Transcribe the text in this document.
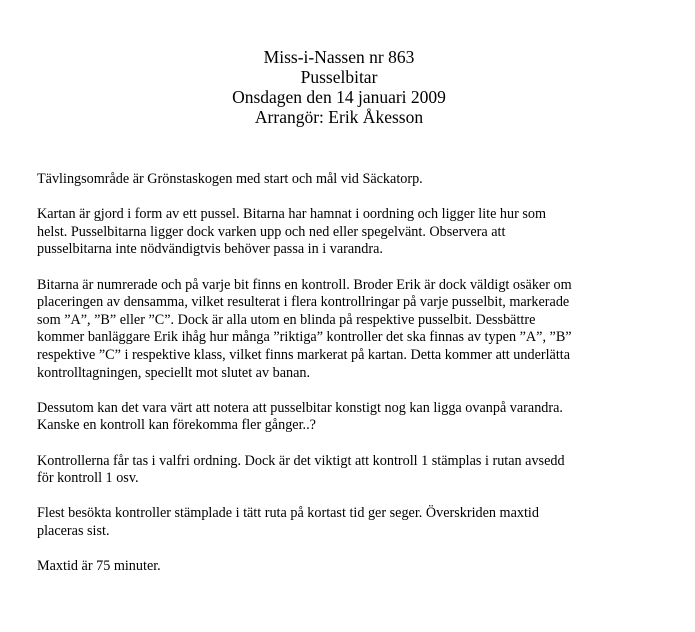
Miss-i-Nassen nr 863
Pusselbitar
Onsdagen den 14 januari 2009
Arrangör: Erik Åkesson

Tävlingsområde är Grönstaskogen med start och mål vid Säckatorp.

Kartan är gjord i form av ett pussel. Bitarna har hamnat i oordning och ligger lite hur som
helst. Pusselbitarna ligger dock varken upp och ned eller spegelvänt. Observera att
pusselbitarna inte nödvändigtvis behöver passa in i varandra.

Bitarna är numrerade och på varje bit finns en kontroll. Broder Erik är dock väldigt osäker om
placeringen av densamma, vilket resulterat i flera kontrollringar på varje pusselbit, markerade
som ”A”, ”B” eller ”C”. Dock är alla utom en blinda på respektive pusselbit. Dessbättre
kommer banläggare Erik ihåg hur många ”riktiga” kontroller det ska finnas av typen ”A”, ”B”
respektive ”C” i respektive klass, vilket finns markerat på kartan. Detta kommer att underlätta
kontrolltagningen, speciellt mot slutet av banan.

Dessutom kan det vara värt att notera att pusselbitar konstigt nog kan ligga ovanpå varandra.
Kanske en kontroll kan förekomma fler gånger..?

Kontrollerna får tas i valfri ordning. Dock är det viktigt att kontroll 1 stämplas i rutan avsedd
för kontroll 1 osv.

Flest besökta kontroller stämplade i tätt ruta på kortast tid ger seger. Överskriden maxtid
placeras sist.

Maxtid är 75 minuter.
